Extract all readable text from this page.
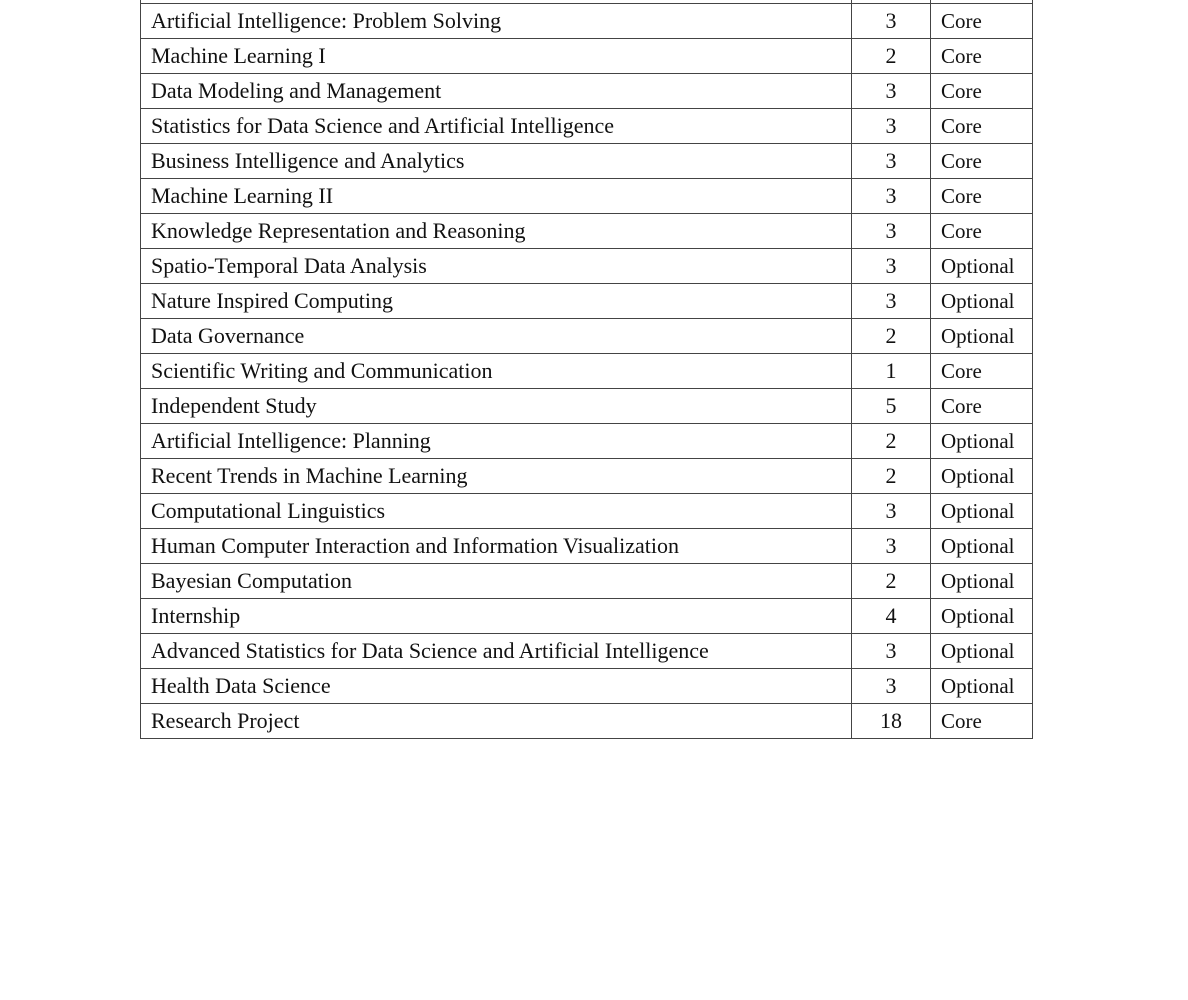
Artificial Intelligence: Problem Solving	3	Core
Machine Learning I	2	Core
Data Modeling and Management	3	Core
Statistics for Data Science and Artificial Intelligence	3	Core
Business Intelligence and Analytics	3	Core
Machine Learning II	3	Core
Knowledge Representation and Reasoning	3	Core
Spatio-Temporal Data Analysis	3	Optional
Nature Inspired Computing	3	Optional
Data Governance	2	Optional
Scientific Writing and Communication	1	Core
Independent Study	5	Core
Artificial Intelligence: Planning	2	Optional
Recent Trends in Machine Learning	2	Optional
Computational Linguistics	3	Optional
Human Computer Interaction and Information Visualization	3	Optional
Bayesian Computation	2	Optional
Internship	4	Optional
Advanced Statistics for Data Science and Artificial Intelligence	3	Optional
Health Data Science	3	Optional
Research Project	18	Core
